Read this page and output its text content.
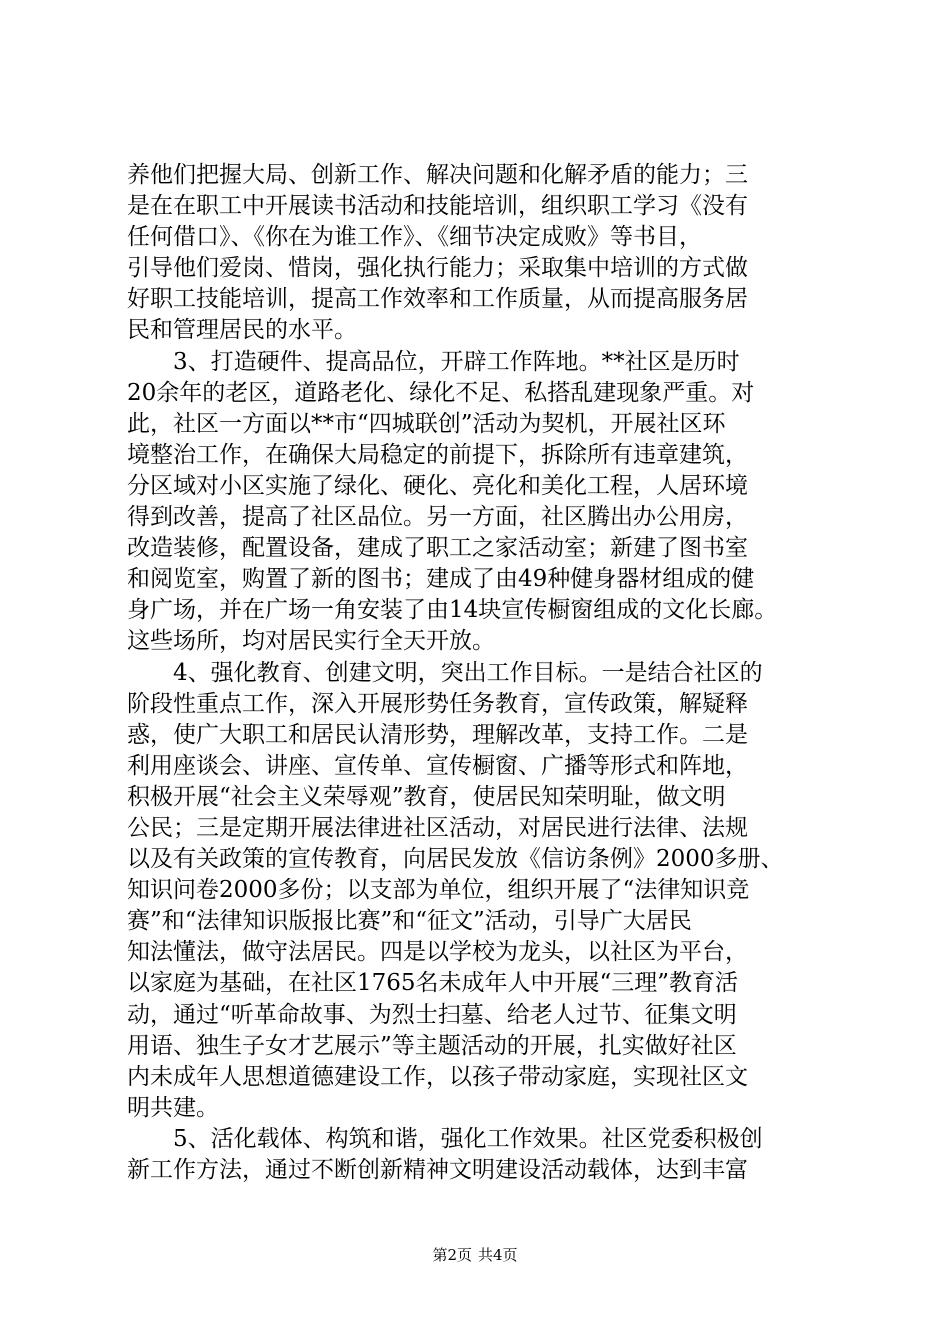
养他们把握大局、创新工作、解决问题和化解矛盾的能力；三
是在在职工中开展读书活动和技能培训，组织职工学习《没有
任何借口》、《你在为谁工作》、《细节决定成败》等书目，
引导他们爱岗、惜岗，强化执行能力；采取集中培训的方式做
好职工技能培训，提高工作效率和工作质量，从而提高服务居
民和管理居民的水平。
　　3、打造硬件、提高品位，开辟工作阵地。**社区是历时
20余年的老区，道路老化、绿化不足、私搭乱建现象严重。对
此，社区一方面以**市“四城联创”活动为契机，开展社区环
境整治工作，在确保大局稳定的前提下，拆除所有违章建筑，
分区域对小区实施了绿化、硬化、亮化和美化工程，人居环境
得到改善，提高了社区品位。另一方面，社区腾出办公用房，
改造装修，配置设备，建成了职工之家活动室；新建了图书室
和阅览室，购置了新的图书；建成了由49种健身器材组成的健
身广场，并在广场一角安装了由14块宣传橱窗组成的文化长廊。
这些场所，均对居民实行全天开放。
　　4、强化教育、创建文明，突出工作目标。一是结合社区的
阶段性重点工作，深入开展形势任务教育，宣传政策，解疑释
惑，使广大职工和居民认清形势，理解改革，支持工作。二是
利用座谈会、讲座、宣传单、宣传橱窗、广播等形式和阵地，
积极开展“社会主义荣辱观”教育，使居民知荣明耻，做文明
公民；三是定期开展法律进社区活动，对居民进行法律、法规
以及有关政策的宣传教育，向居民发放《信访条例》2000多册、
知识问卷2000多份；以支部为单位，组织开展了“法律知识竞
赛”和“法律知识版报比赛”和“征文”活动，引导广大居民
知法懂法，做守法居民。四是以学校为龙头，以社区为平台，
以家庭为基础，在社区1765名未成年人中开展“三理”教育活
动，通过“听革命故事、为烈士扫墓、给老人过节、征集文明
用语、独生子女才艺展示”等主题活动的开展，扎实做好社区
内未成年人思想道德建设工作，以孩子带动家庭，实现社区文
明共建。
　　5、活化载体、构筑和谐，强化工作效果。社区党委积极创
新工作方法，通过不断创新精神文明建设活动载体，达到丰富
第2页 共4页
